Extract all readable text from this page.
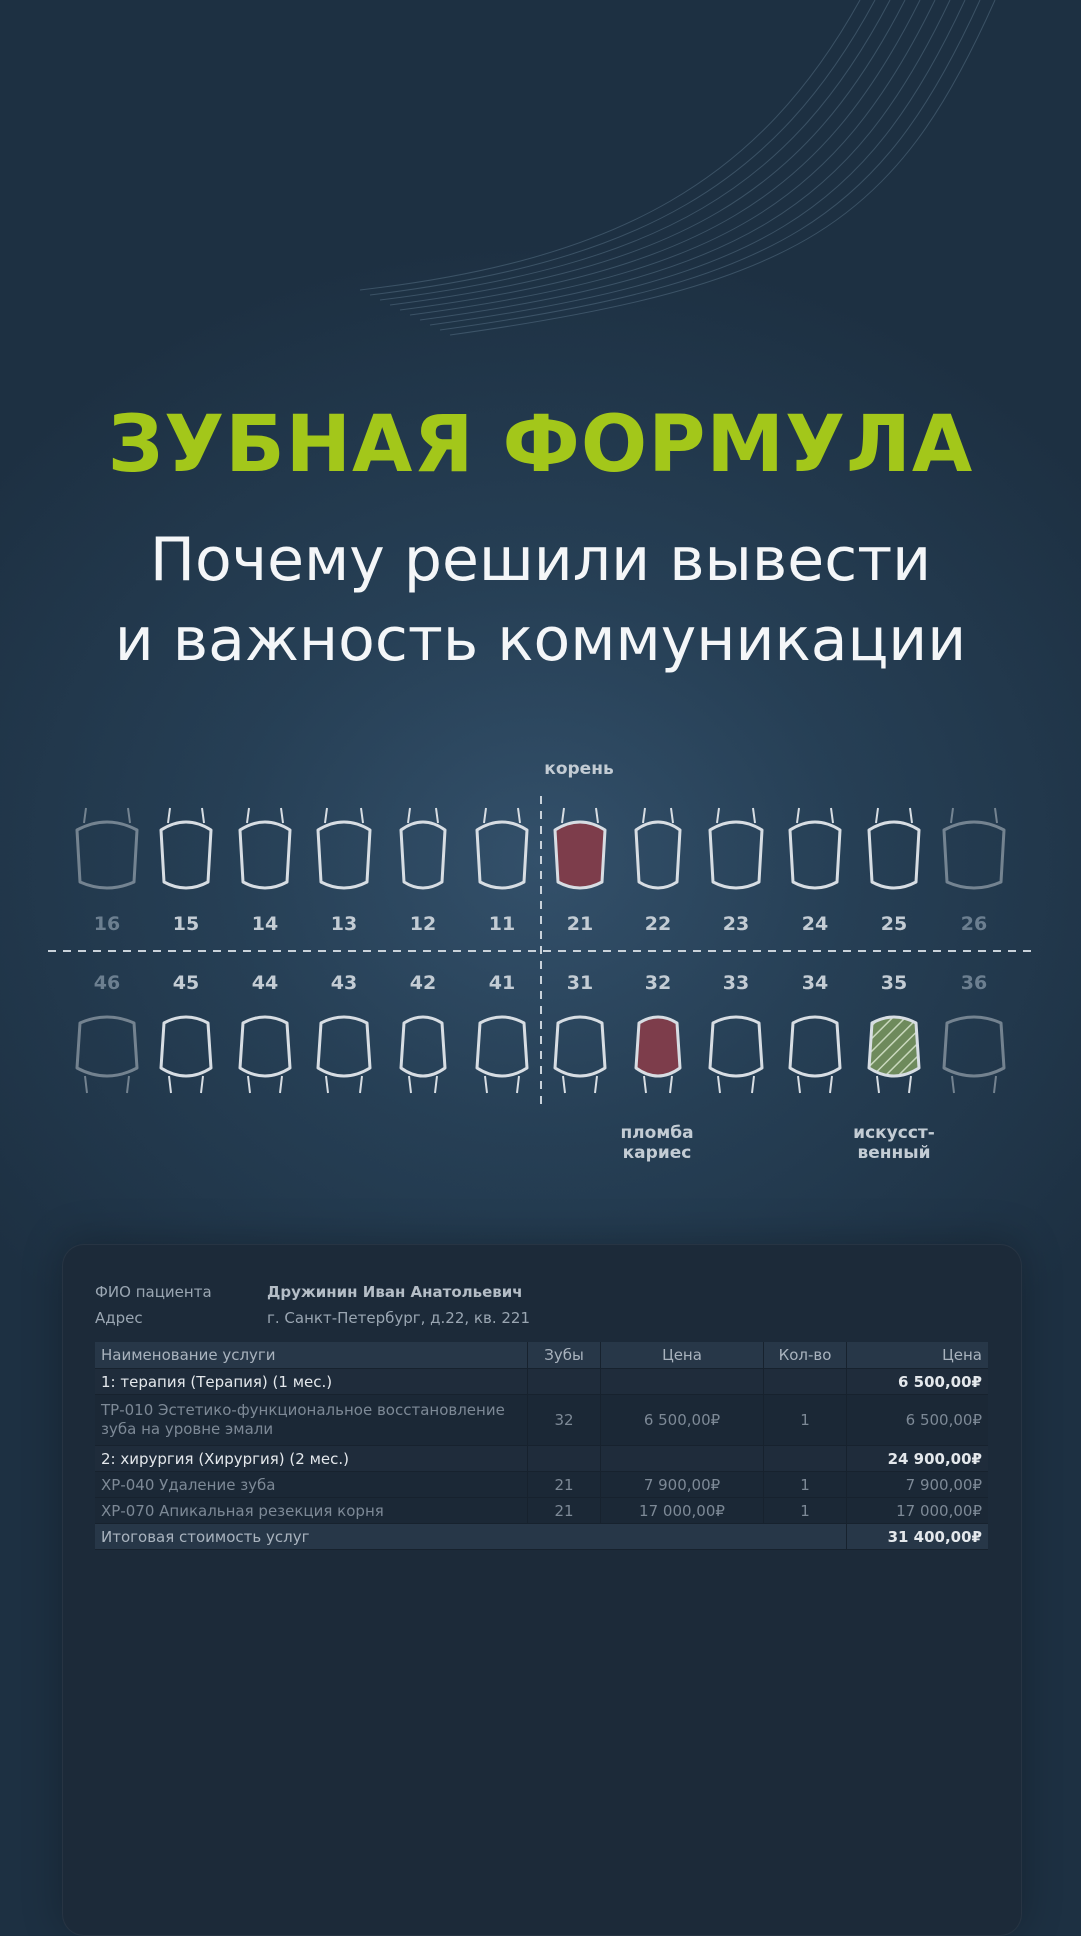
ЗУБНАЯ ФОРМУЛА
Почему решили вывести
и важность коммуникации
16	15	14	13	12	11	21	22	23	24	25	26
46	45	44	43	42	41	31	32	33	34	35	36
корень
пломба
кариес
искусст-
венный
ФИО пациента	Дружинин Иван Анатольевич
Адрес	г. Санкт-Петербург, д.22, кв. 221
Наименование услуги	Зубы	Цена	Кол-во	Цена
1: терапия (Терапия) (1 мес.)				6 500,00₽
ТР-010 Эстетико-функциональное восстановление зуба на уровне эмали	32	6 500,00₽	1	6 500,00₽
2: хирургия (Хирургия) (2 мес.)				24 900,00₽
ХР-040 Удаление зуба	21	7 900,00₽	1	7 900,00₽
ХР-070 Апикальная резекция корня	21	17 000,00₽	1	17 000,00₽
Итоговая стоимость услуг				31 400,00₽
